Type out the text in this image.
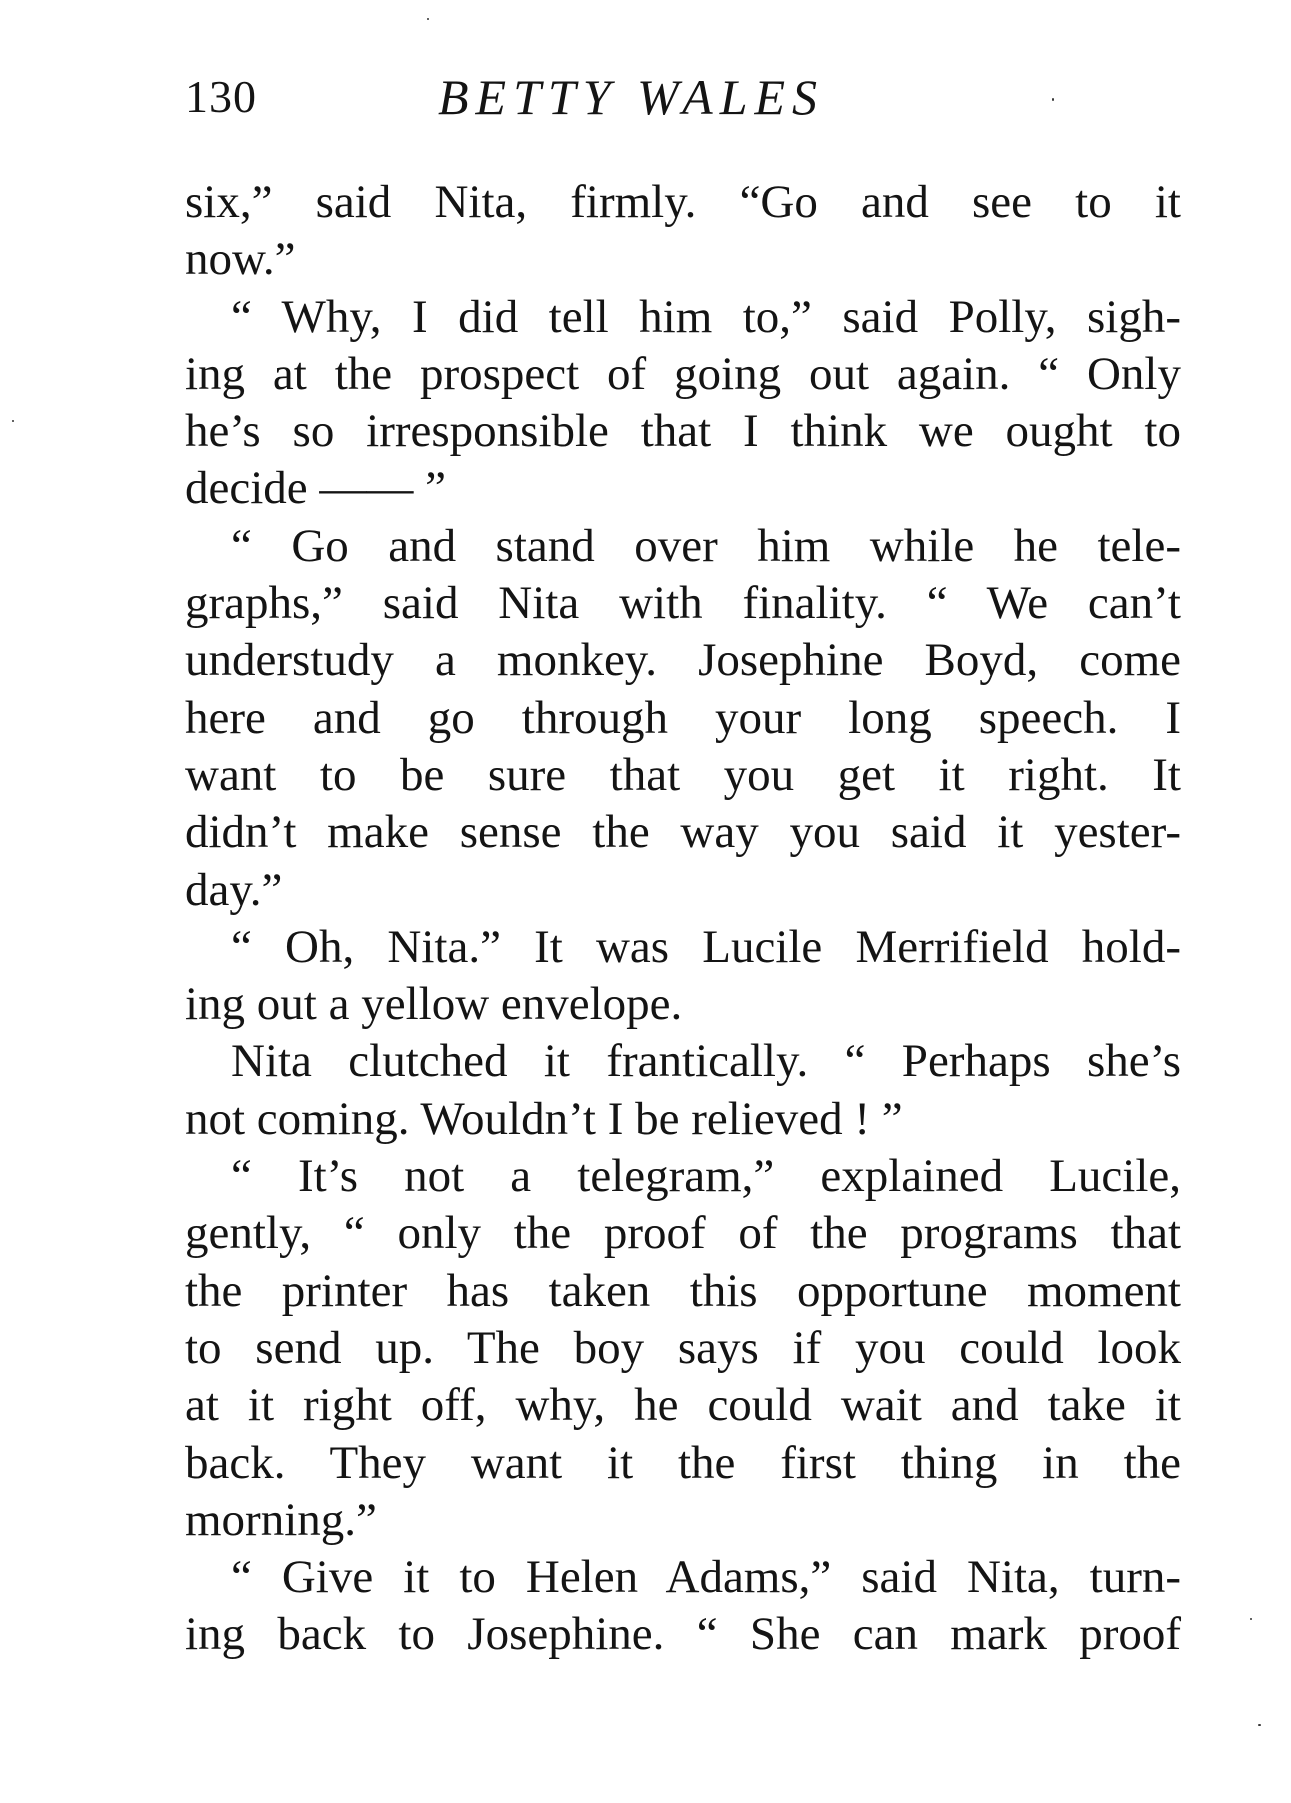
130	BETTY WALES
six,” said Nita, firmly. “Go and see to it
now.”
“ Why, I did tell him to,” said Polly, sigh-
ing at the prospect of going out again. “ Only
he’s so irresponsible that I think we ought to
decide —— ”
“ Go and stand over him while he tele-
graphs,” said Nita with finality. “ We can’t
understudy a monkey. Josephine Boyd, come
here and go through your long speech. I
want to be sure that you get it right. It
didn’t make sense the way you said it yester-
day.”
“ Oh, Nita.” It was Lucile Merrifield hold-
ing out a yellow envelope.
Nita clutched it frantically. “ Perhaps she’s
not coming. Wouldn’t I be relieved ! ”
“ It’s not a telegram,” explained Lucile,
gently, “ only the proof of the programs that
the printer has taken this opportune moment
to send up. The boy says if you could look
at it right off, why, he could wait and take it
back. They want it the first thing in the
morning.”
“ Give it to Helen Adams,” said Nita, turn-
ing back to Josephine. “ She can mark proof
